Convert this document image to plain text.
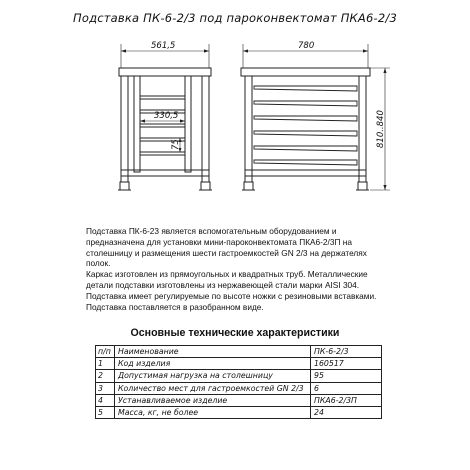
Подставка ПК-6-2/3 под пароконвектомат ПКА6-2/3
561,5
330,5
75
780
810..840

Подставка ПК-6-23 является вспомогательным оборудованием и предназначена для установки мини-пароконвектомата ПКА6-2/3П на столешницу и размещения шести гастроемкостей GN 2/3 на держателях полок.

Каркас изготовлен из прямоугольных и квадратных труб. Металлические детали подставки изготовлены из нержавеющей стали марки AISI 304.

Подставка имеет регулируемые по высоте ножки с резиновыми вставками.

Подставка поставляется в разобранном виде.

Основные технические характеристики
п/п	Наименование	ПК-6-2/3
1	Код изделия	160517
2	Допустимая нагрузка на столешницу	95
3	Количество мест для гастроемкостей GN 2/3	6
4	Устанавливаемое изделие	ПКА6-2/3П
5	Масса, кг, не более	24
